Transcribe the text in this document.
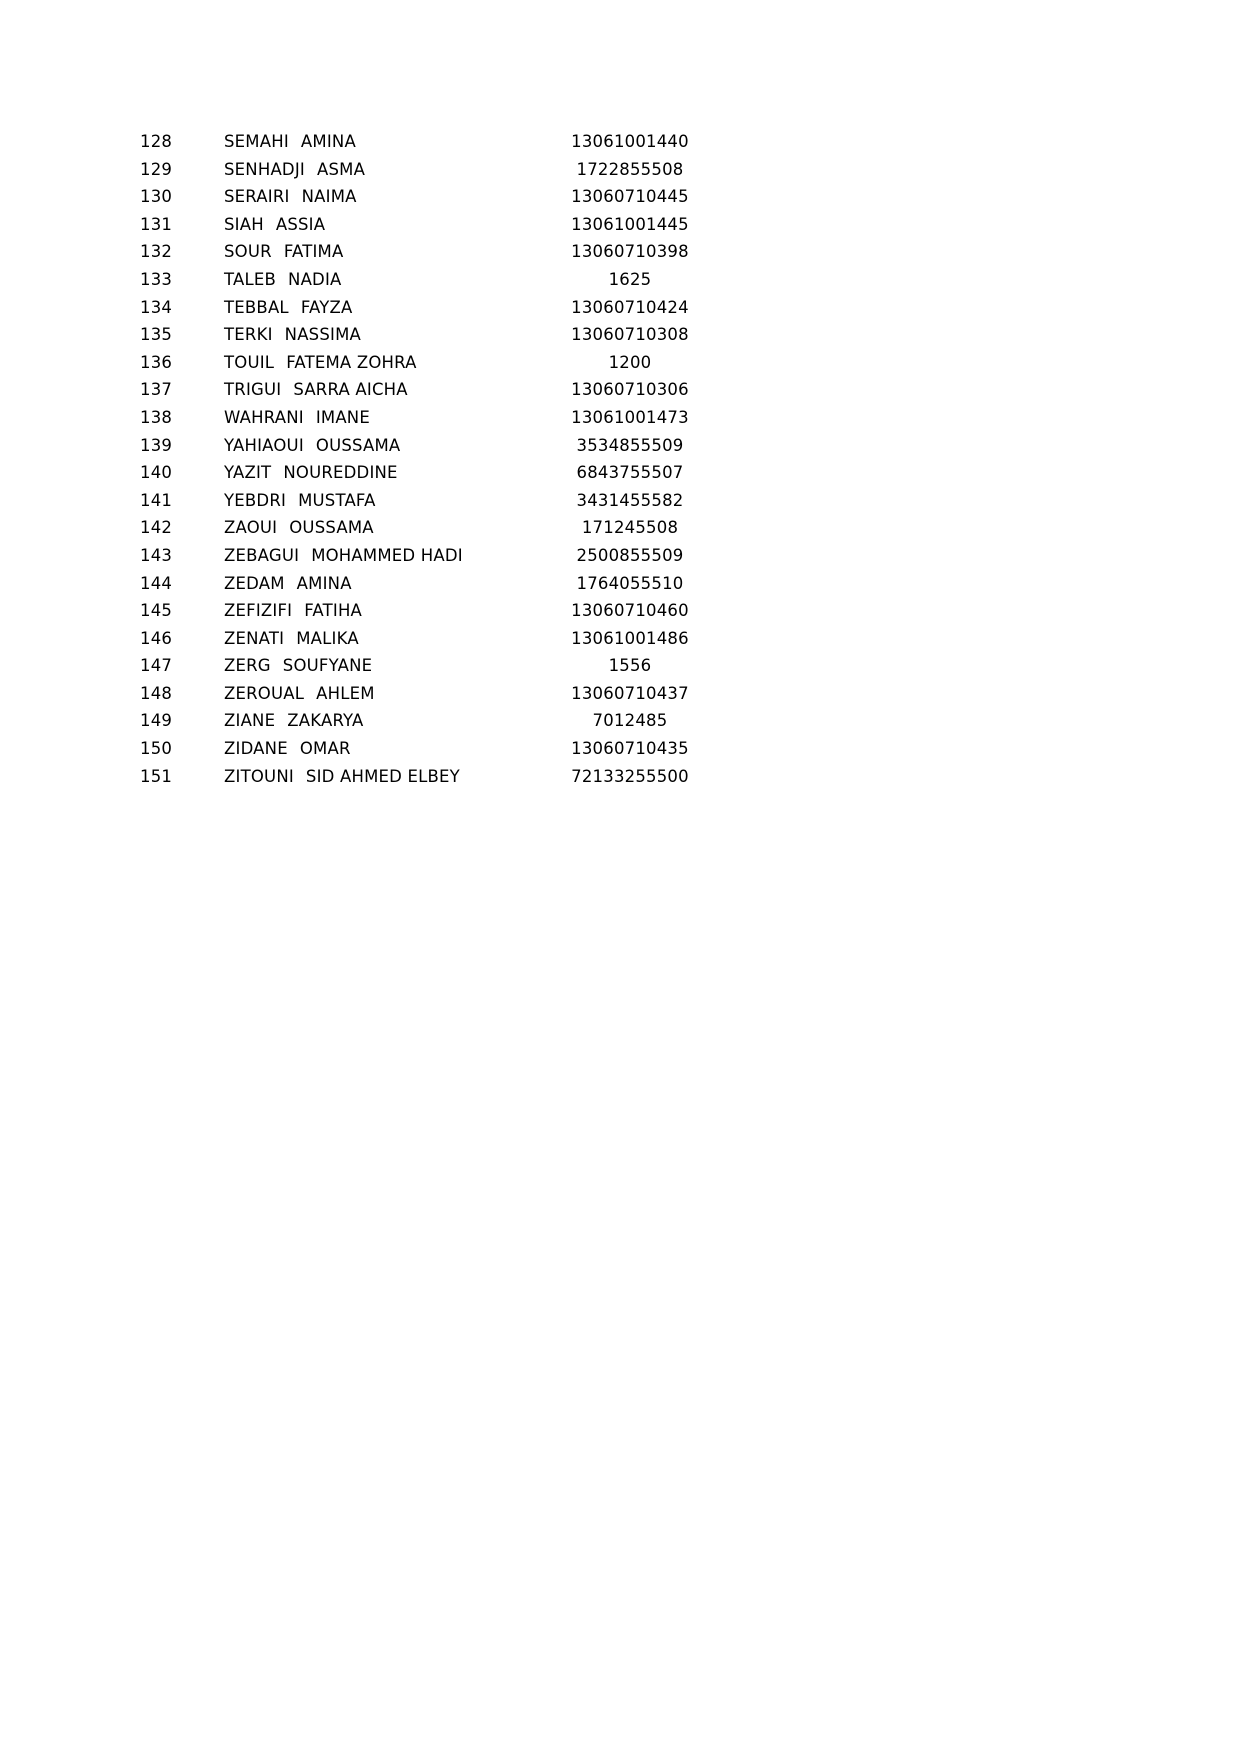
128	SEMAHI AMINA	13061001440
129	SENHADJI ASMA	1722855508
130	SERAIRI NAIMA	13060710445
131	SIAH ASSIA	13061001445
132	SOUR FATIMA	13060710398
133	TALEB NADIA	1625
134	TEBBAL FAYZA	13060710424
135	TERKI NASSIMA	13060710308
136	TOUIL FATEMA ZOHRA	1200
137	TRIGUI SARRA AICHA	13060710306
138	WAHRANI IMANE	13061001473
139	YAHIAOUI OUSSAMA	3534855509
140	YAZIT NOUREDDINE	6843755507
141	YEBDRI MUSTAFA	3431455582
142	ZAOUI OUSSAMA	171245508
143	ZEBAGUI MOHAMMED HADI	2500855509
144	ZEDAM AMINA	1764055510
145	ZEFIZIFI FATIHA	13060710460
146	ZENATI MALIKA	13061001486
147	ZERG SOUFYANE	1556
148	ZEROUAL AHLEM	13060710437
149	ZIANE ZAKARYA	7012485
150	ZIDANE OMAR	13060710435
151	ZITOUNI SID AHMED ELBEY	72133255500
